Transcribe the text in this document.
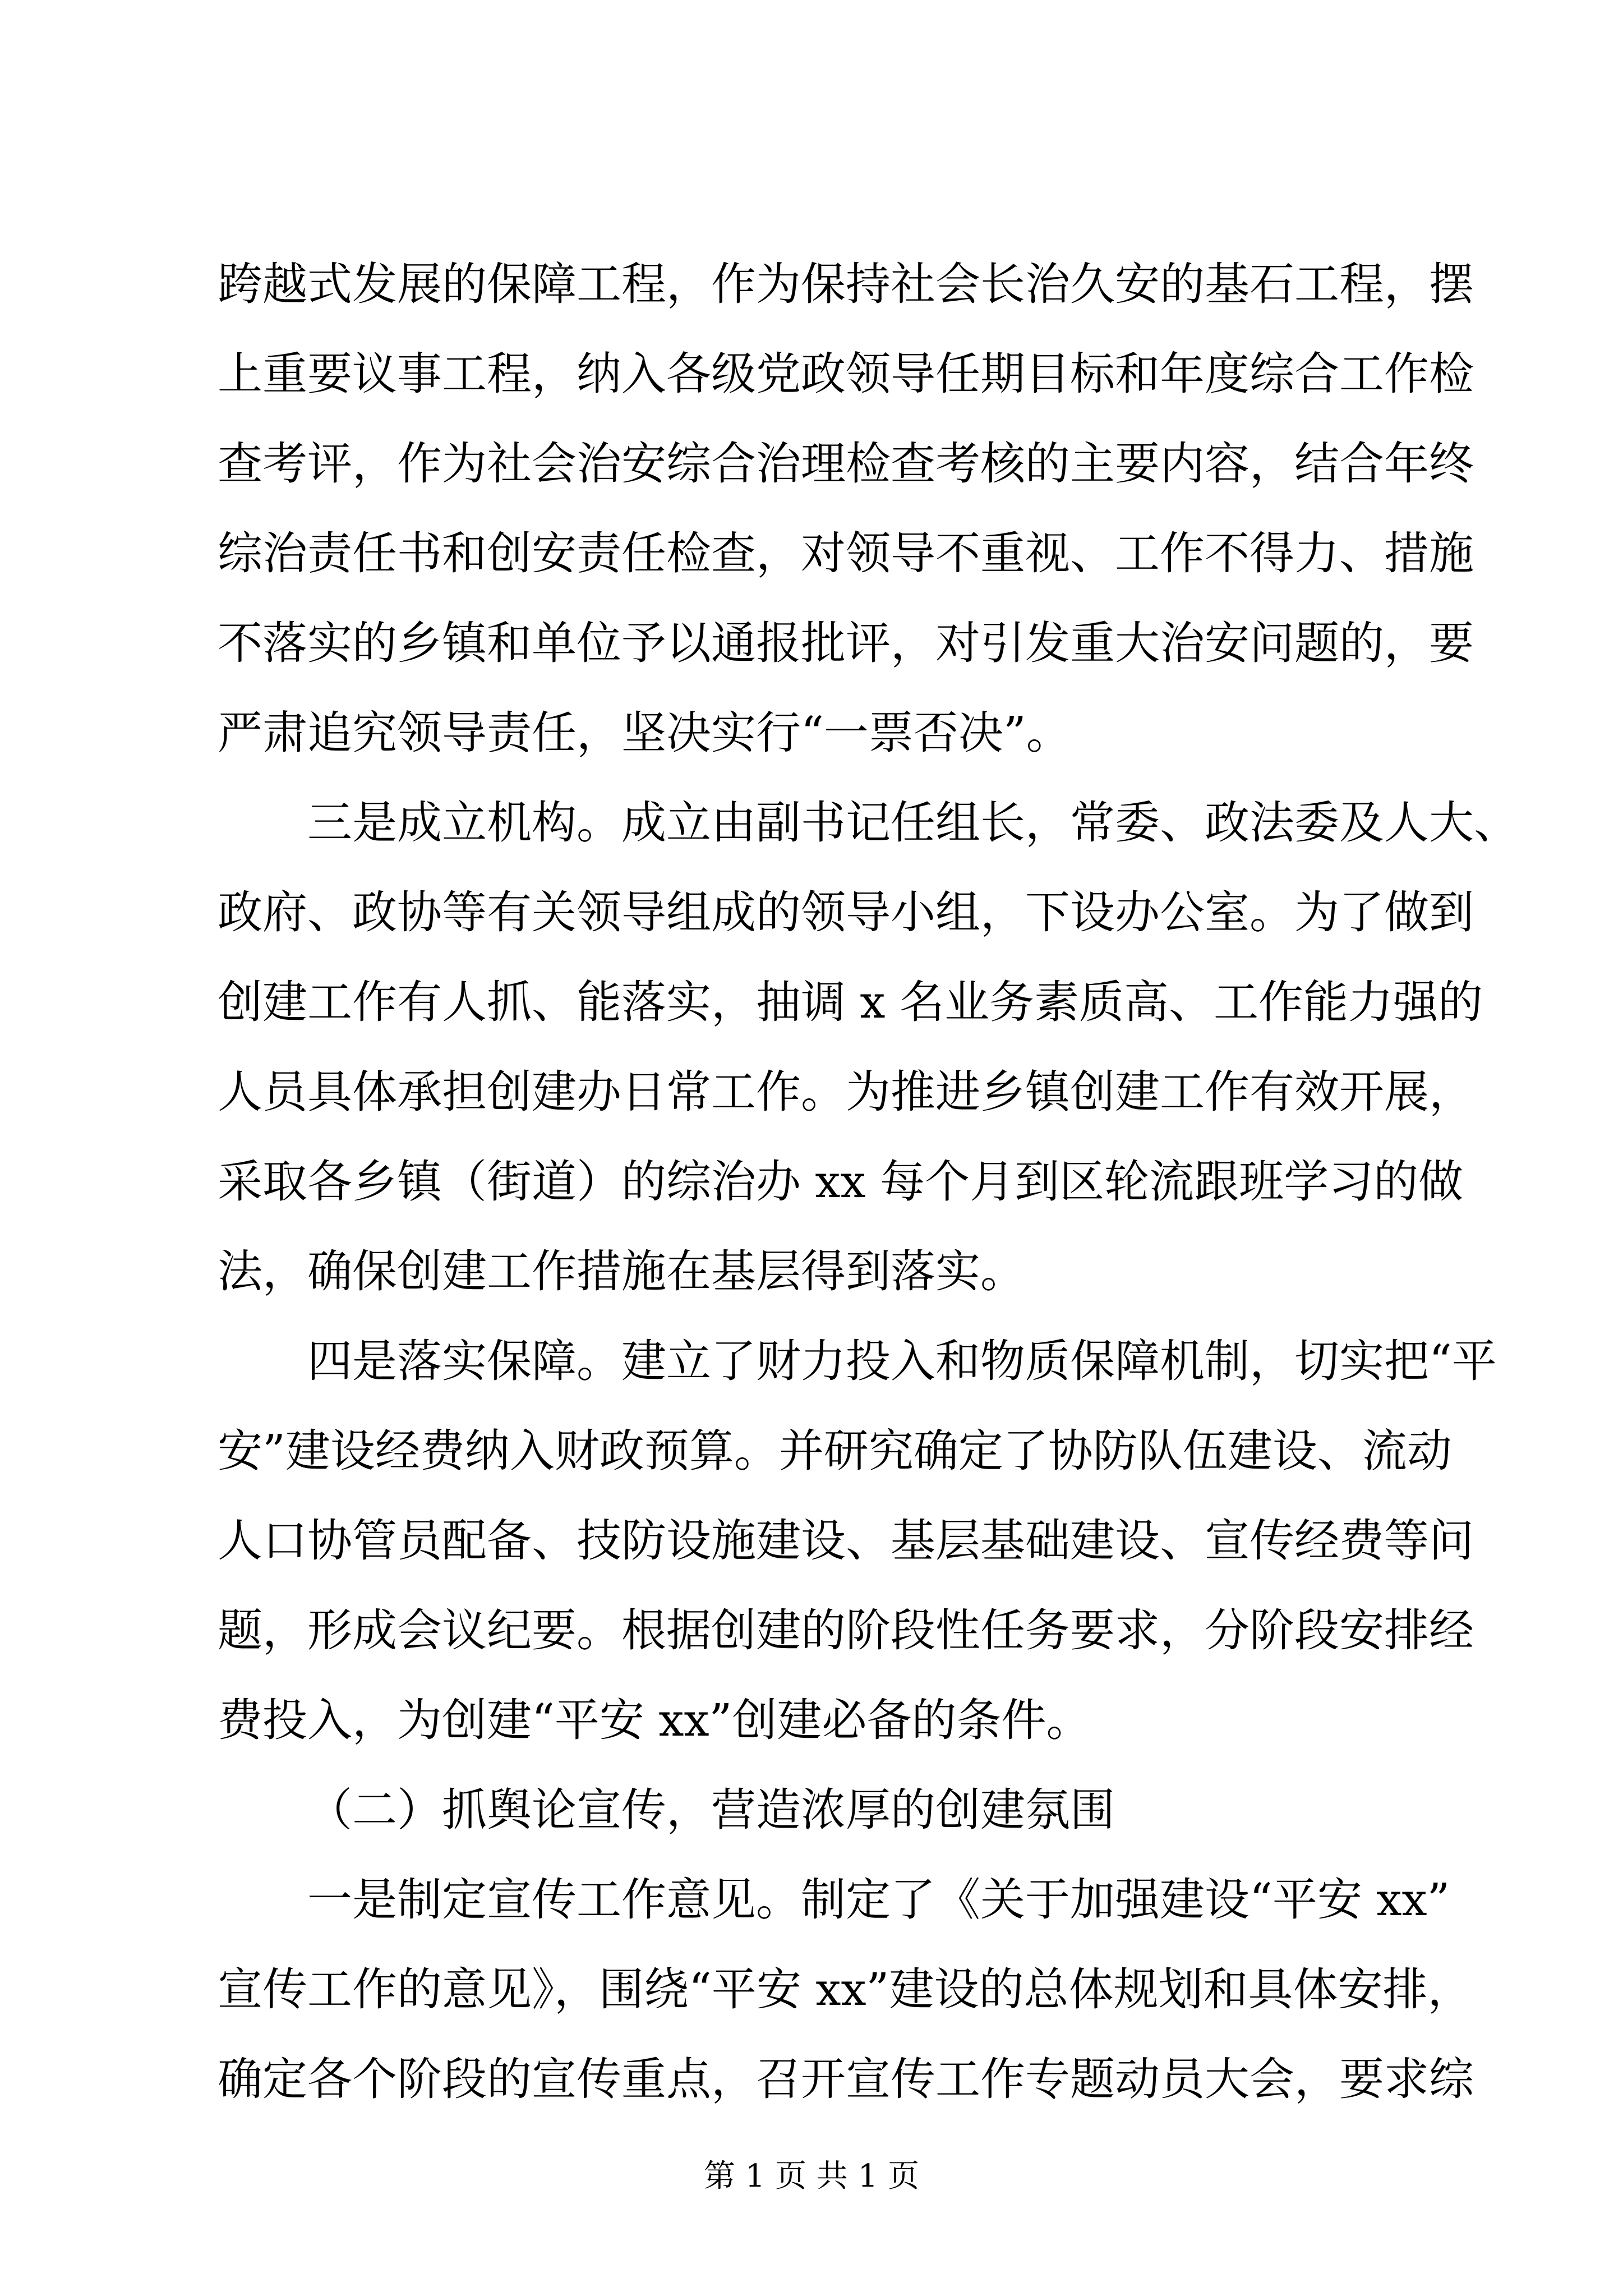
跨越式发展的保障工程，作为保持社会长治久安的基石工程，摆
上重要议事工程，纳入各级党政领导任期目标和年度综合工作检
查考评，作为社会治安综合治理检查考核的主要内容，结合年终
综治责任书和创安责任检查，对领导不重视、工作不得力、措施
不落实的乡镇和单位予以通报批评，对引发重大治安问题的，要
严肃追究领导责任，坚决实行“一票否决”。
三是成立机构。成立由副书记任组长，常委、政法委及人大、
政府、政协等有关领导组成的领导小组，下设办公室。为了做到
创建工作有人抓、能落实，抽调 x 名业务素质高、工作能力强的
人员具体承担创建办日常工作。为推进乡镇创建工作有效开展，
采取各乡镇（街道）的综治办 xx 每个月到区轮流跟班学习的做
法，确保创建工作措施在基层得到落实。
四是落实保障。建立了财力投入和物质保障机制，切实把“平
安”建设经费纳入财政预算。并研究确定了协防队伍建设、流动
人口协管员配备、技防设施建设、基层基础建设、宣传经费等问
题，形成会议纪要。根据创建的阶段性任务要求，分阶段安排经
费投入，为创建“平安 xx”创建必备的条件。
（二）抓舆论宣传，营造浓厚的创建氛围
一是制定宣传工作意见。制定了《关于加强建设“平安 xx”
宣传工作的意见》，围绕“平安 xx”建设的总体规划和具体安排，
确定各个阶段的宣传重点，召开宣传工作专题动员大会，要求综
第 1 页 共 1 页
